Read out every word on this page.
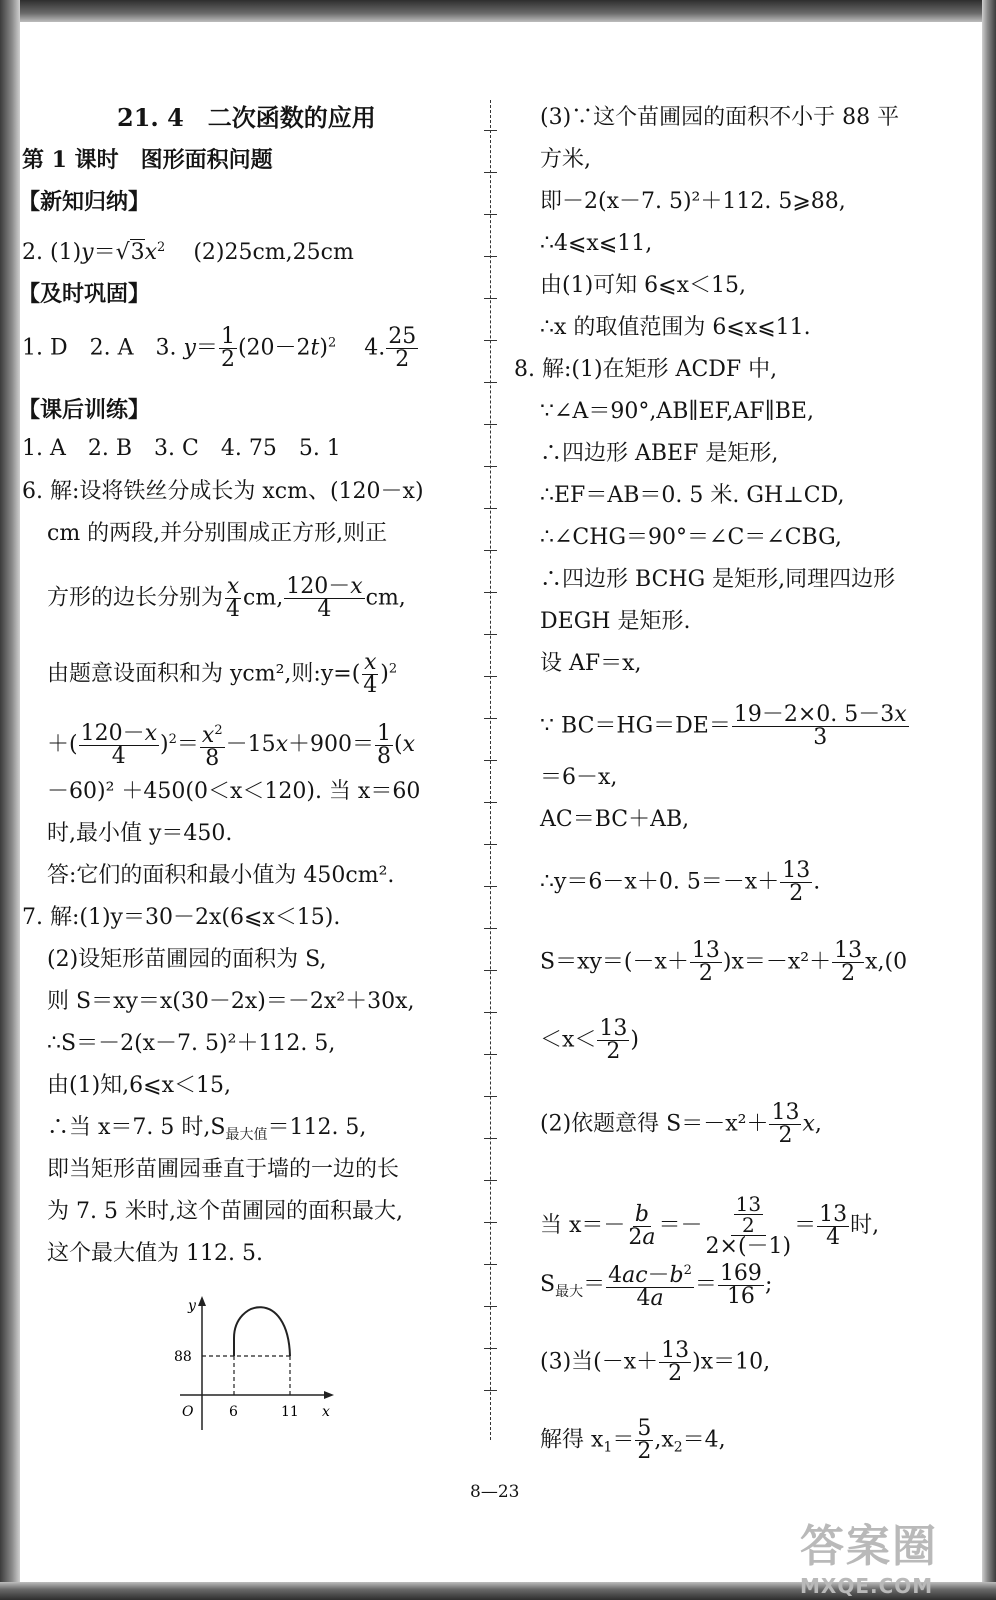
21. 4　二次函数的应用
第 1 课时　图形面积问题
【新知归纳】
2. $(1)y=√3x^2$ (2)25cm,25cm
【及时巩固】
1. D　2. A　3. $y= \frac{1}{2} (20-2t)^2$ 4. $\frac{25}{2}$
【课后训练】
1. A　2. B　3. C　4. 75　5. 1
6. 解:设将铁丝分成长为 xcm、(120－x)
cm 的两段,并分别围成正方形,则正
方形的边长分别为 $\frac{x}{4}$ cm, $\frac{120-x}{4}$ cm,
由题意设面积和为 ycm²,则:y=( $\frac{x}{4} )^2$
＋( $\frac{120-x}{4} )^2= \frac{x^2}{8} -15x+900= \frac{1}{8} (x$
－60)² ＋450(0＜x＜120). 当 x＝60
时,最小值 y＝450.
答:它们的面积和最小值为 450cm².
7. 解:(1)y＝30－2x(6⩽x＜15).
(2)设矩形苗圃园的面积为 S,
则 S＝xy＝x(30－2x)＝－2x²＋30x,
∴S＝－2(x－7. 5)²＋112. 5,
由(1)知,6⩽x＜15,
∴当 x＝7. 5 时$,S_{最大值}=112$. 5,
即当矩形苗圃园垂直于墙的一边的长
为 7. 5 米时,这个苗圃园的面积最大,
这个最大值为 112. 5.
y
x
O
88
6	11
(3)∵这个苗圃园的面积不小于 88 平
方米,
即－2(x－7. 5)²＋112. 5⩾88,
∴4⩽x⩽11,
由(1)可知 6⩽x＜15,
∴x 的取值范围为 6⩽x⩽11.
8. 解:(1)在矩形 ACDF 中,
∵∠A＝90°,AB∥EF,AF∥BE,
∴四边形 ABEF 是矩形,
∴EF＝AB＝0. 5 米. GH⊥CD,
∴∠CHG＝90°＝∠C＝∠CBG,
∴四边形 BCHG 是矩形,同理四边形
DEGH 是矩形.
设 AF＝x,
∵ $BC=HG=DE= \frac{19-2\times 0. 5-3x}{3}$
＝6－x,
AC＝BC＋AB,
∴y＝6－x＋0. $5=-x+ \frac{13}{2}$ .
$S=xy=(-x+ \frac{13}{2} )x=-x^2+ \frac{13}{2} x,(0$
$<x< \frac{13}{2}$ )
(2)依题意得 $S=-x^2+ \frac{13}{2} x$,
当 $x=- \frac{b}{2a} =- \frac{\frac{13}{2}}{2\times(-1)} = \frac{13}{4}$ 时,
$S_{最大}= \frac{4ac-b^2}{4a} = \frac{169}{16}$ ;
(3)当$(-x+ \frac{13}{2} )x=10$,
解得 $x_1= \frac{5}{2} ,x_2=4$,
8—23
答案圈
MXQE.COM
